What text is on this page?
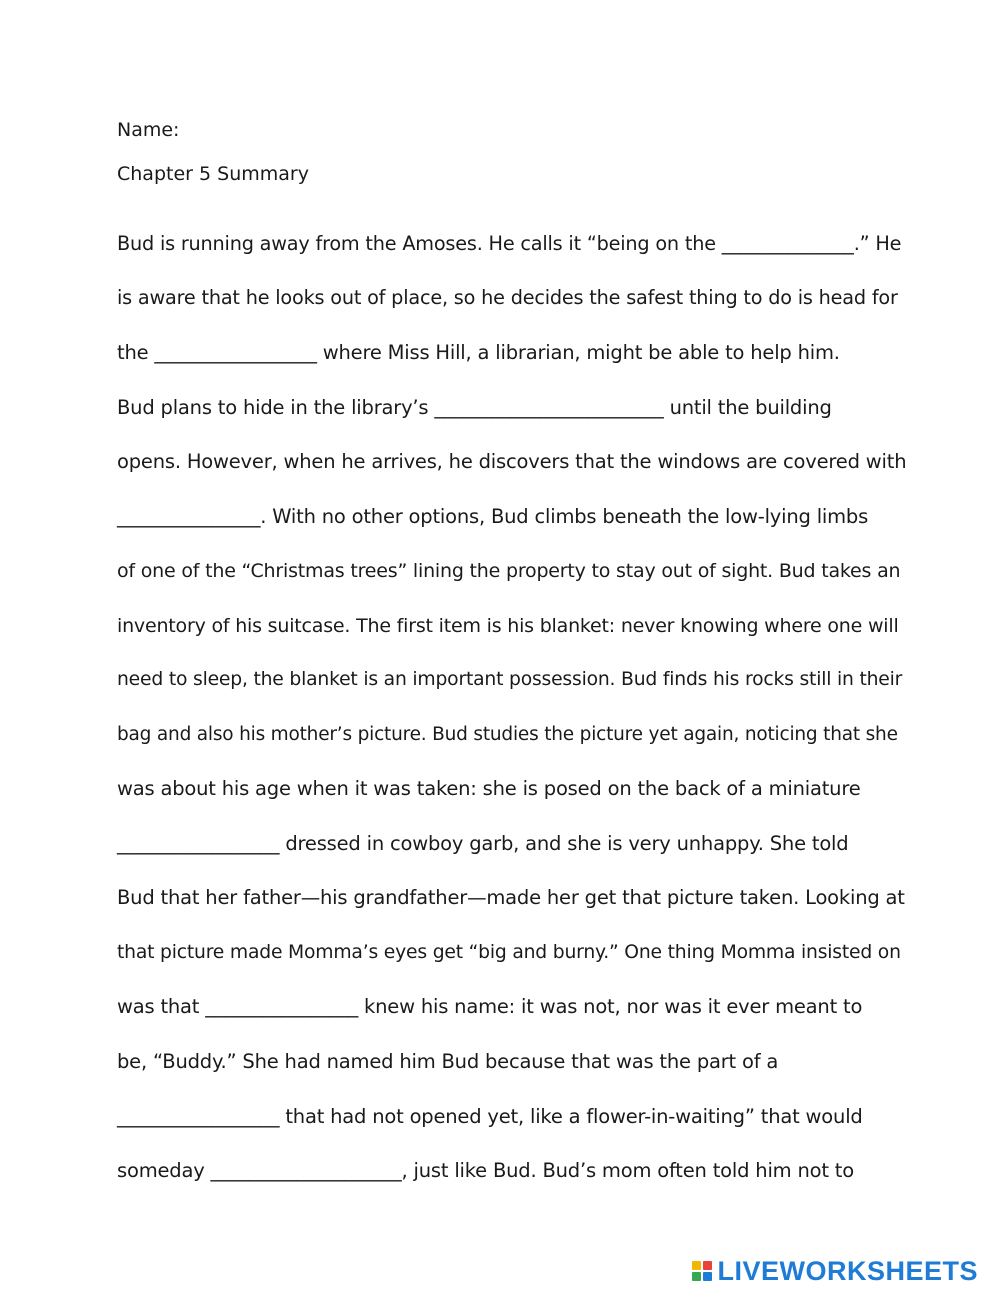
Name:
Chapter 5 Summary
Bud is running away from the Amoses. He calls it “being on the ______________.” He
is aware that he looks out of place, so he decides the safest thing to do is head for
the _________________ where Miss Hill, a librarian, might be able to help him.
Bud plans to hide in the library’s ________________________ until the building
opens. However, when he arrives, he discovers that the windows are covered with
_______________. With no other options, Bud climbs beneath the low-lying limbs
of one of the “Christmas trees” lining the property to stay out of sight. Bud takes an
inventory of his suitcase. The first item is his blanket: never knowing where one will
need to sleep, the blanket is an important possession. Bud finds his rocks still in their
bag and also his mother’s picture. Bud studies the picture yet again, noticing that she
was about his age when it was taken: she is posed on the back of a miniature
_________________ dressed in cowboy garb, and she is very unhappy. She told
Bud that her father—his grandfather—made her get that picture taken. Looking at
that picture made Momma’s eyes get “big and burny.” One thing Momma insisted on
was that ________________ knew his name: it was not, nor was it ever meant to
be, “Buddy.” She had named him Bud because that was the part of a
_________________ that had not opened yet, like a flower-in-waiting” that would
someday ____________________, just like Bud. Bud’s mom often told him not to
LIVEWORKSHEETS
